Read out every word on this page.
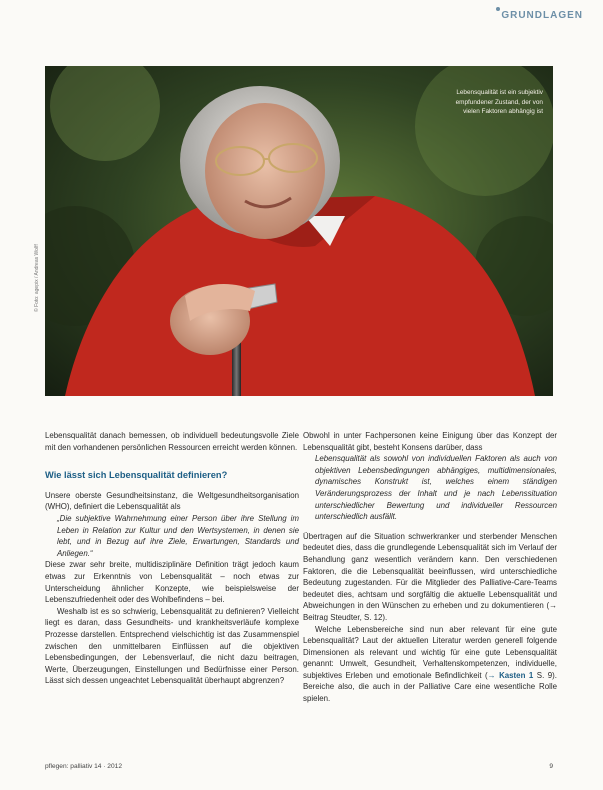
GRUNDLAGEN
Lebensqualität ist ein subjektiv empfundener Zustand, der von vielen Faktoren abhängig ist
© Foto: agepix / Andreas Wolff

Lebensqualität danach bemessen, ob individuell bedeutungsvolle Ziele mit den vorhandenen persönlichen Ressourcen erreicht werden können.

Wie lässt sich Lebensqualität definieren?

Unsere oberste Gesundheitsinstanz, die Weltgesundheitsorganisation (WHO), definiert die Lebensqualität als

„Die subjektive Wahrnehmung einer Person über ihre Stellung im Leben in Relation zur Kultur und den Wertsystemen, in denen sie lebt, und in Bezug auf ihre Ziele, Erwartungen, Standards und Anliegen.“

Diese zwar sehr breite, multidisziplinäre Definition trägt jedoch kaum etwas zur Erkenntnis von Lebensqualität – noch etwas zur Unterscheidung ähnlicher Konzepte, wie beispielsweise der Lebenszufriedenheit oder des Wohlbefindens – bei.

Weshalb ist es so schwierig, Lebensqualität zu definieren? Vielleicht liegt es daran, dass Gesundheits- und krankheitsverläufe komplexe Prozesse darstellen. Entsprechend vielschichtig ist das Zusammenspiel zwischen den unmittelbaren Einflüssen auf die objektiven Lebensbedingungen, der Lebensverlauf, die nicht dazu beitragen, Werte, Überzeugungen, Einstellungen und Bedürfnisse einer Person. Lässt sich dessen ungeachtet Lebensqualität überhaupt abgrenzen?

Obwohl in unter Fachpersonen keine Einigung über das Konzept der Lebensqualität gibt, besteht Konsens darüber, dass

Lebensqualität als sowohl von individuellen Faktoren als auch von objektiven Lebensbedingungen abhängiges, multidimensionales, dynamisches Konstrukt ist, welches einem ständigen Veränderungsprozess der Inhalt und je nach Lebenssituation unterschiedlicher Bewertung und individueller Ressourcen unterschiedlich ausfällt.

Übertragen auf die Situation schwerkranker und sterbender Menschen bedeutet dies, dass die grundlegende Lebensqualität sich im Verlauf der Behandlung ganz wesentlich verändern kann. Den verschiedenen Faktoren, die die Lebensqualität beeinflussen, wird unterschiedliche Bedeutung zugestanden. Für die Mitglieder des Palliative-Care-Teams bedeutet dies, achtsam und sorgfältig die aktuelle Lebensqualität und Abweichungen in den Wünschen zu erheben und zu dokumentieren (→ Beitrag Steudter, S. 12).

Welche Lebensbereiche sind nun aber relevant für eine gute Lebensqualität? Laut der aktuellen Literatur werden generell folgende Dimensionen als relevant und wichtig für eine gute Lebensqualität genannt: Umwelt, Gesundheit, Verhaltenskompetenzen, individuelle, subjektives Erleben und emotionale Befindlichkeit (→ Kasten 1 S. 9). Bereiche also, die auch in der Palliative Care eine wesentliche Rolle spielen.

pflegen: palliativ 14 · 2012	9
